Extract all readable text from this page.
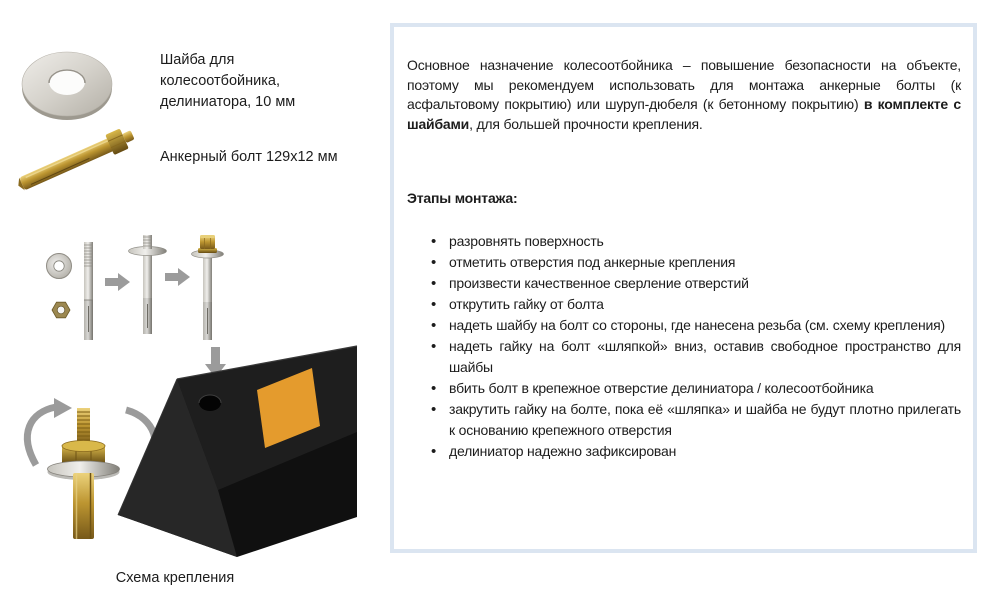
Шайба для колесоотбойника, делиниатора, 10 мм
Анкерный болт 129х12 мм
Схема крепления

Основное назначение колесоотбойника – повышение безопасности на объекте, поэтому мы рекомендуем использовать для монтажа анкерные болты (к асфальтовому покрытию) или шуруп-дюбеля (к бетонному покрытию) в комплекте с шайбами, для большей прочности крепления.

Этапы монтажа:
• разровнять поверхность
• отметить отверстия под анкерные крепления
• произвести качественное сверление отверстий
• открутить гайку от болта
• надеть шайбу на болт со стороны, где нанесена резьба (см. схему крепления)
• надеть гайку на болт «шляпкой» вниз, оставив свободное пространство для шайбы
• вбить болт в крепежное отверстие делиниатора / колесоотбойника
• закрутить гайку на болте, пока её «шляпка» и шайба не будут плотно прилегать к основанию крепежного отверстия
• делиниатор надежно зафиксирован
